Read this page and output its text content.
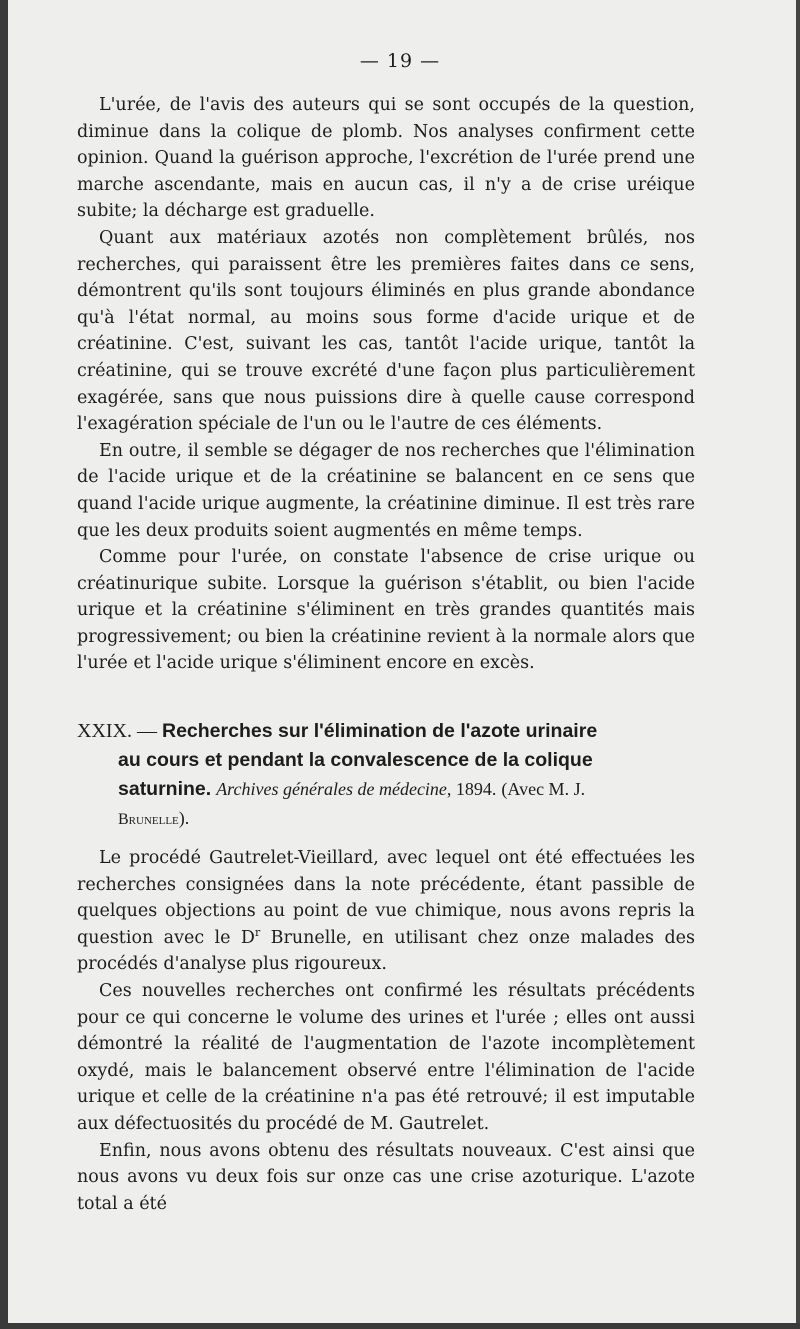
— 19 —

L'urée, de l'avis des auteurs qui se sont occupés de la question, diminue dans la colique de plomb. Nos analyses confirment cette opinion. Quand la guérison approche, l'excrétion de l'urée prend une marche ascendante, mais en aucun cas, il n'y a de crise uréique subite; la décharge est graduelle.

Quant aux matériaux azotés non complètement brûlés, nos recherches, qui paraissent être les premières faites dans ce sens, démontrent qu'ils sont toujours éliminés en plus grande abondance qu'à l'état normal, au moins sous forme d'acide urique et de créatinine. C'est, suivant les cas, tantôt l'acide urique, tantôt la créatinine, qui se trouve excrété d'une façon plus particulièrement exagérée, sans que nous puissions dire à quelle cause correspond l'exagération spéciale de l'un ou le l'autre de ces éléments.

En outre, il semble se dégager de nos recherches que l'élimination de l'acide urique et de la créatinine se balancent en ce sens que quand l'acide urique augmente, la créatinine diminue. Il est très rare que les deux produits soient augmentés en même temps.

Comme pour l'urée, on constate l'absence de crise urique ou créatinurique subite. Lorsque la guérison s'établit, ou bien l'acide urique et la créatinine s'éliminent en très grandes quantités mais progressivement; ou bien la créatinine revient à la normale alors que l'urée et l'acide urique s'éliminent encore en excès.

XXIX. — Recherches sur l'élimination de l'azote urinaire
au cours et pendant la convalescence de la colique
saturnine. Archives générales de médecine, 1894. (Avec M. J.
Brunelle).

Le procédé Gautrelet-Vieillard, avec lequel ont été effectuées les recherches consignées dans la note précédente, étant passible de quelques objections au point de vue chimique, nous avons repris la question avec le $D^r$ Brunelle, en utilisant chez onze malades des procédés d'analyse plus rigoureux.

Ces nouvelles recherches ont confirmé les résultats précédents pour ce qui concerne le volume des urines et l'urée ; elles ont aussi démontré la réalité de l'augmentation de l'azote incomplètement oxydé, mais le balancement observé entre l'élimination de l'acide urique et celle de la créatinine n'a pas été retrouvé; il est imputable aux défectuosités du procédé de M. Gautrelet.

Enfin, nous avons obtenu des résultats nouveaux. C'est ainsi que nous avons vu deux fois sur onze cas une crise azoturique. L'azote total a été
